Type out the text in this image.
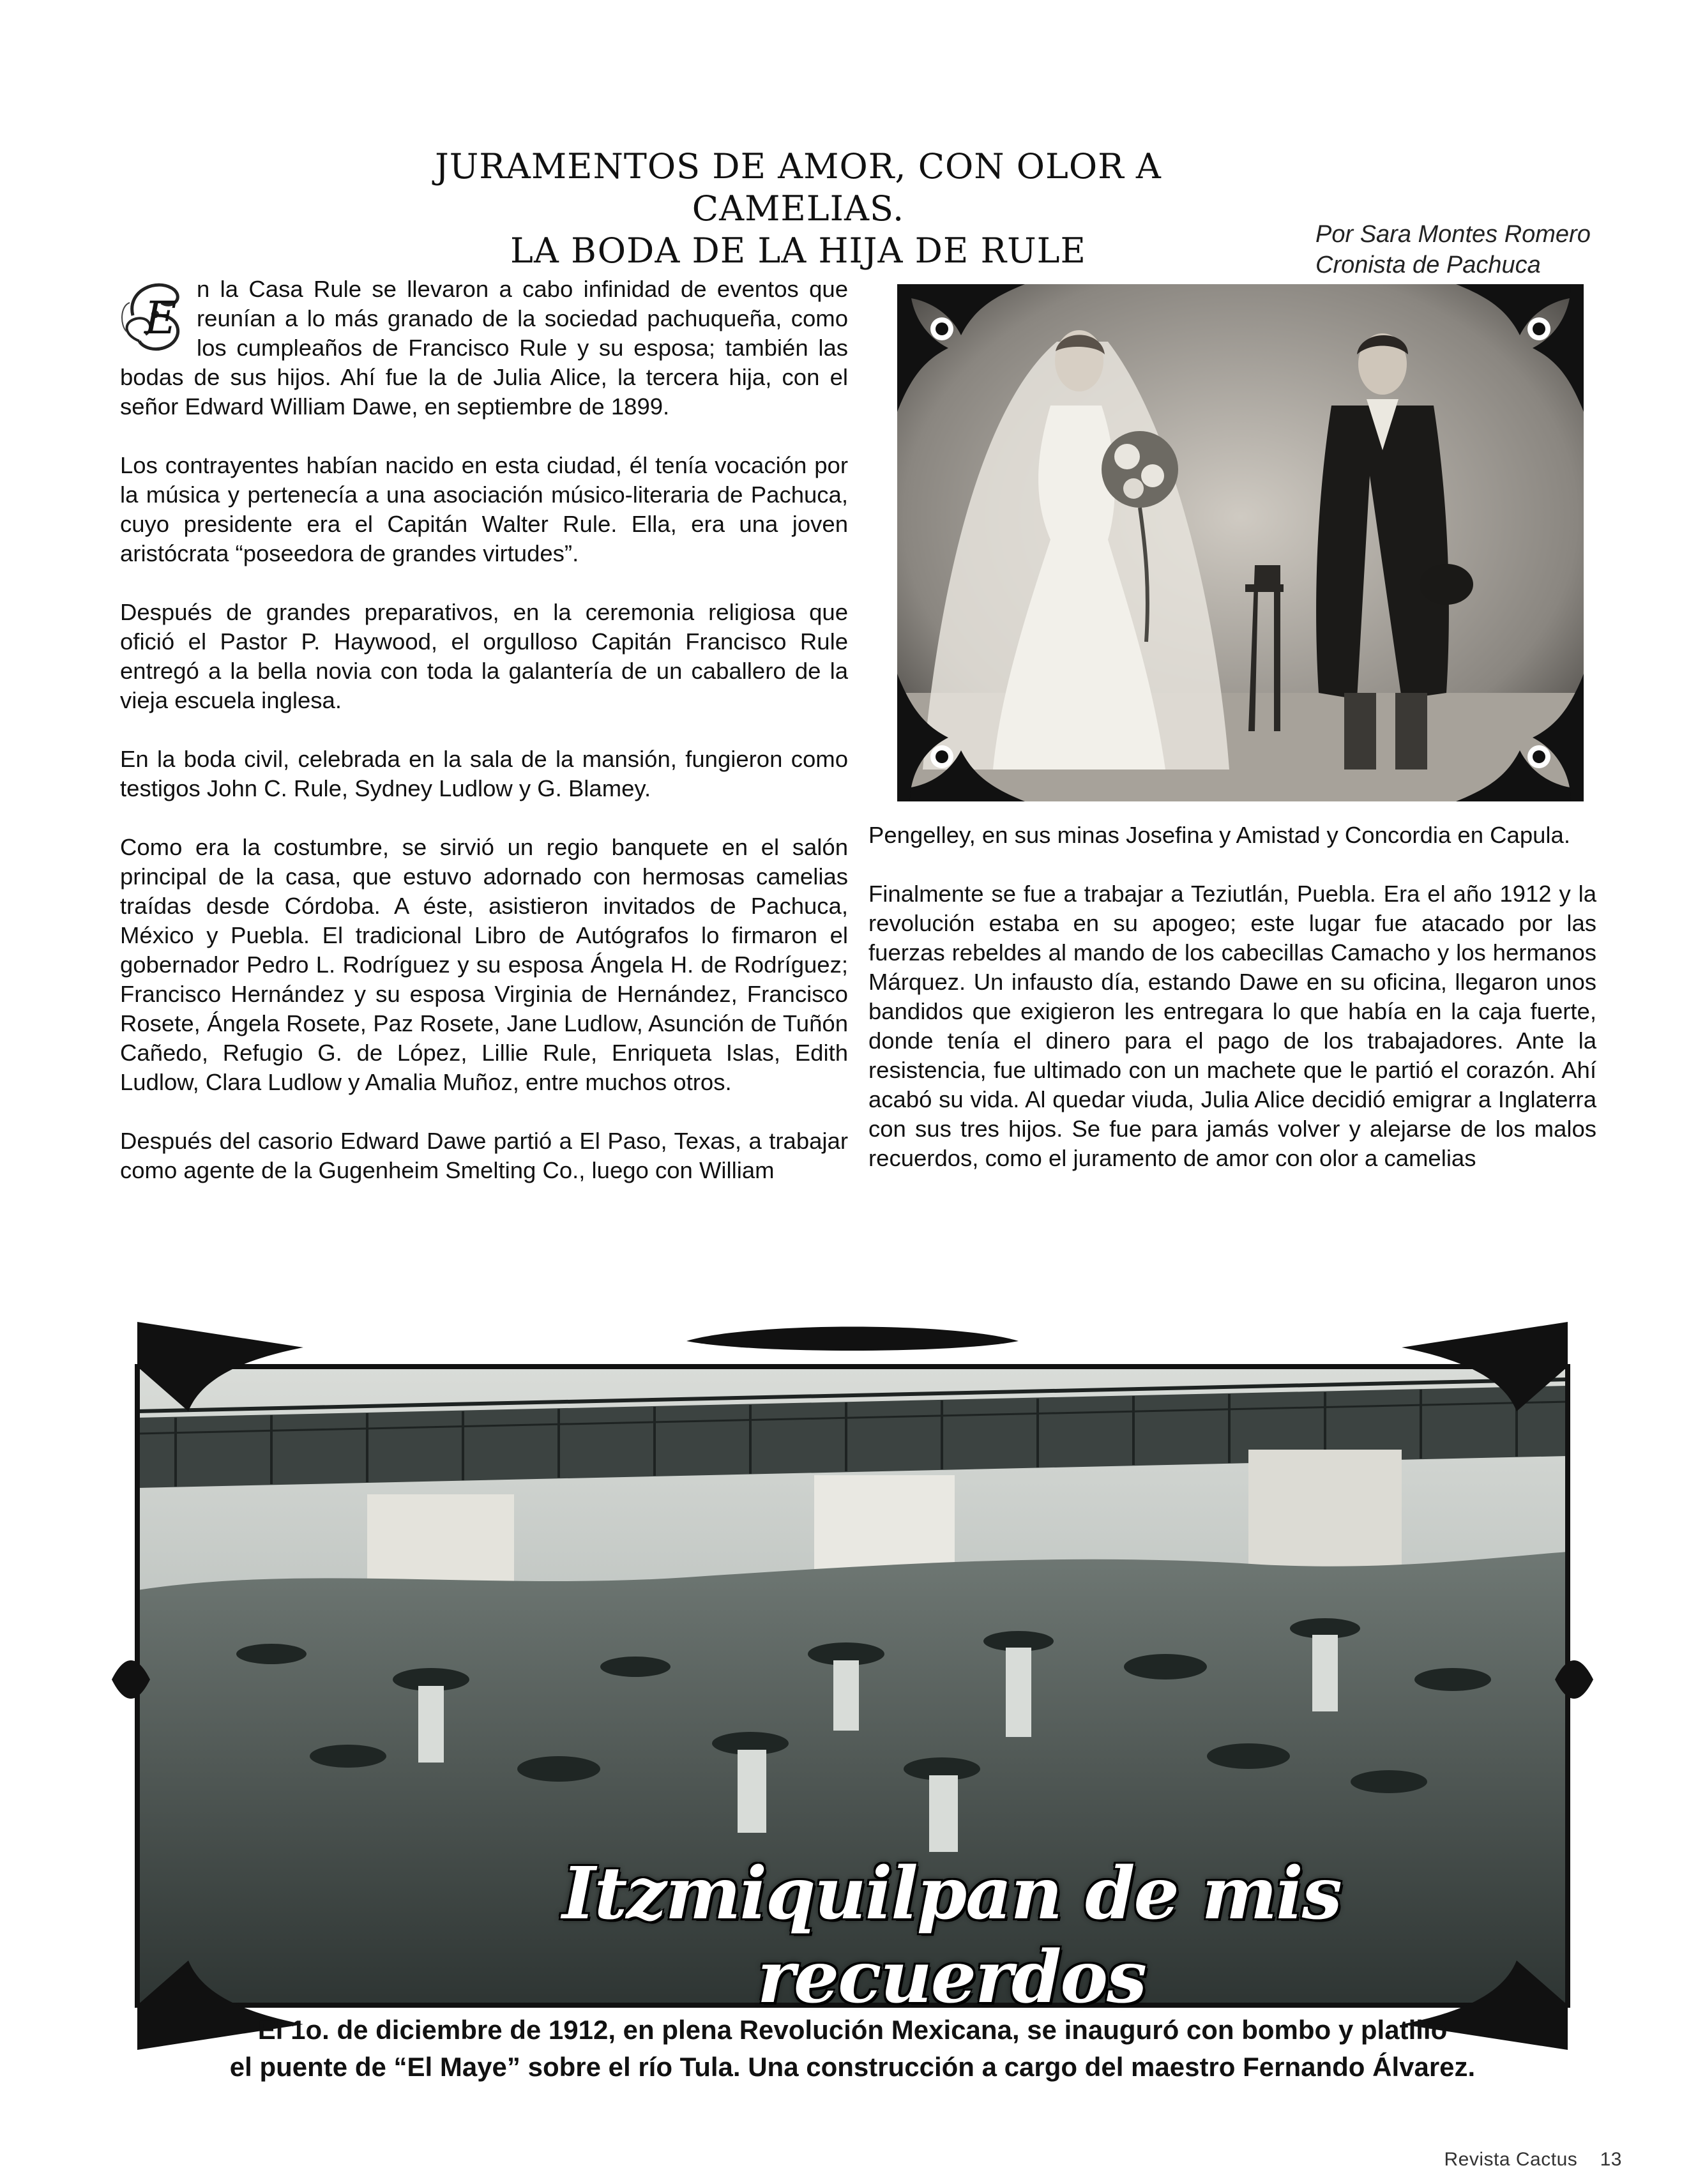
JURAMENTOS DE AMOR, CON OLOR A CAMELIAS.
LA BODA DE LA HIJA DE RULE	Por Sara Montes Romero
Cronista de Pachuca

E
n la Casa Rule se llevaron a cabo infinidad de eventos que reunían a lo más granado de la sociedad pachuqueña, como los cumpleaños de Francisco Rule y su esposa; también las bodas de sus hijos. Ahí fue la de Julia Alice, la tercera hija, con el señor Edward William Dawe, en septiembre de 1899.

Los contrayentes habían nacido en esta ciudad, él tenía vocación por la música y pertenecía a una asociación músico-literaria de Pachuca, cuyo presidente era el Capitán Walter Rule. Ella, era una joven aristócrata “poseedora de grandes virtudes”.

Después de grandes preparativos, en la ceremonia religiosa que ofició el Pastor P. Haywood, el orgulloso Capitán Francisco Rule entregó a la bella novia con toda la galantería de un caballero de la vieja escuela inglesa.

En la boda civil, celebrada en la sala de la mansión, fungieron como testigos John C. Rule, Sydney Ludlow y G. Blamey.

Como era la costumbre, se sirvió un regio banquete en el salón principal de la casa, que estuvo adornado con hermosas camelias traídas desde Córdoba. A éste, asistieron invitados de Pachuca, México y Puebla. El tradicional Libro de Autógrafos lo firmaron el gobernador Pedro L. Rodríguez y su esposa Ángela H. de Rodríguez; Francisco Hernández y su esposa Virginia de Hernández, Francisco Rosete, Ángela Rosete, Paz Rosete, Jane Ludlow, Asunción de Tuñón Cañedo, Refugio G. de López, Lillie Rule, Enriqueta Islas, Edith Ludlow, Clara Ludlow y Amalia Muñoz, entre muchos otros.

Después del casorio Edward Dawe partió a El Paso, Texas, a trabajar como agente de la Gugenheim Smelting Co., luego con William

Pengelley, en sus minas Josefina y Amistad y Concordia en Capula.

Finalmente se fue a trabajar a Teziutlán, Puebla. Era el año 1912 y la revolución estaba en su apogeo; este lugar fue atacado por las fuerzas rebeldes al mando de los cabecillas Camacho y los hermanos Márquez. Un infausto día, estando Dawe en su oficina, llegaron unos bandidos que exigieron les entregara lo que había en la caja fuerte, donde tenía el dinero para el pago de los trabajadores. Ante la resistencia, fue ultimado con un machete que le partió el corazón. Ahí acabó su vida. Al quedar viuda, Julia Alice decidió emigrar a Inglaterra con sus tres hijos. Se fue para jamás volver y alejarse de los malos recuerdos, como el juramento de amor con olor a camelias

Itzmiquilpan de mis recuerdos
El 1o. de diciembre de 1912, en plena Revolución Mexicana, se inauguró con bombo y platillo
el puente de “El Maye” sobre el río Tula. Una construcción a cargo del maestro Fernando Álvarez.
Revista Cactus 13
